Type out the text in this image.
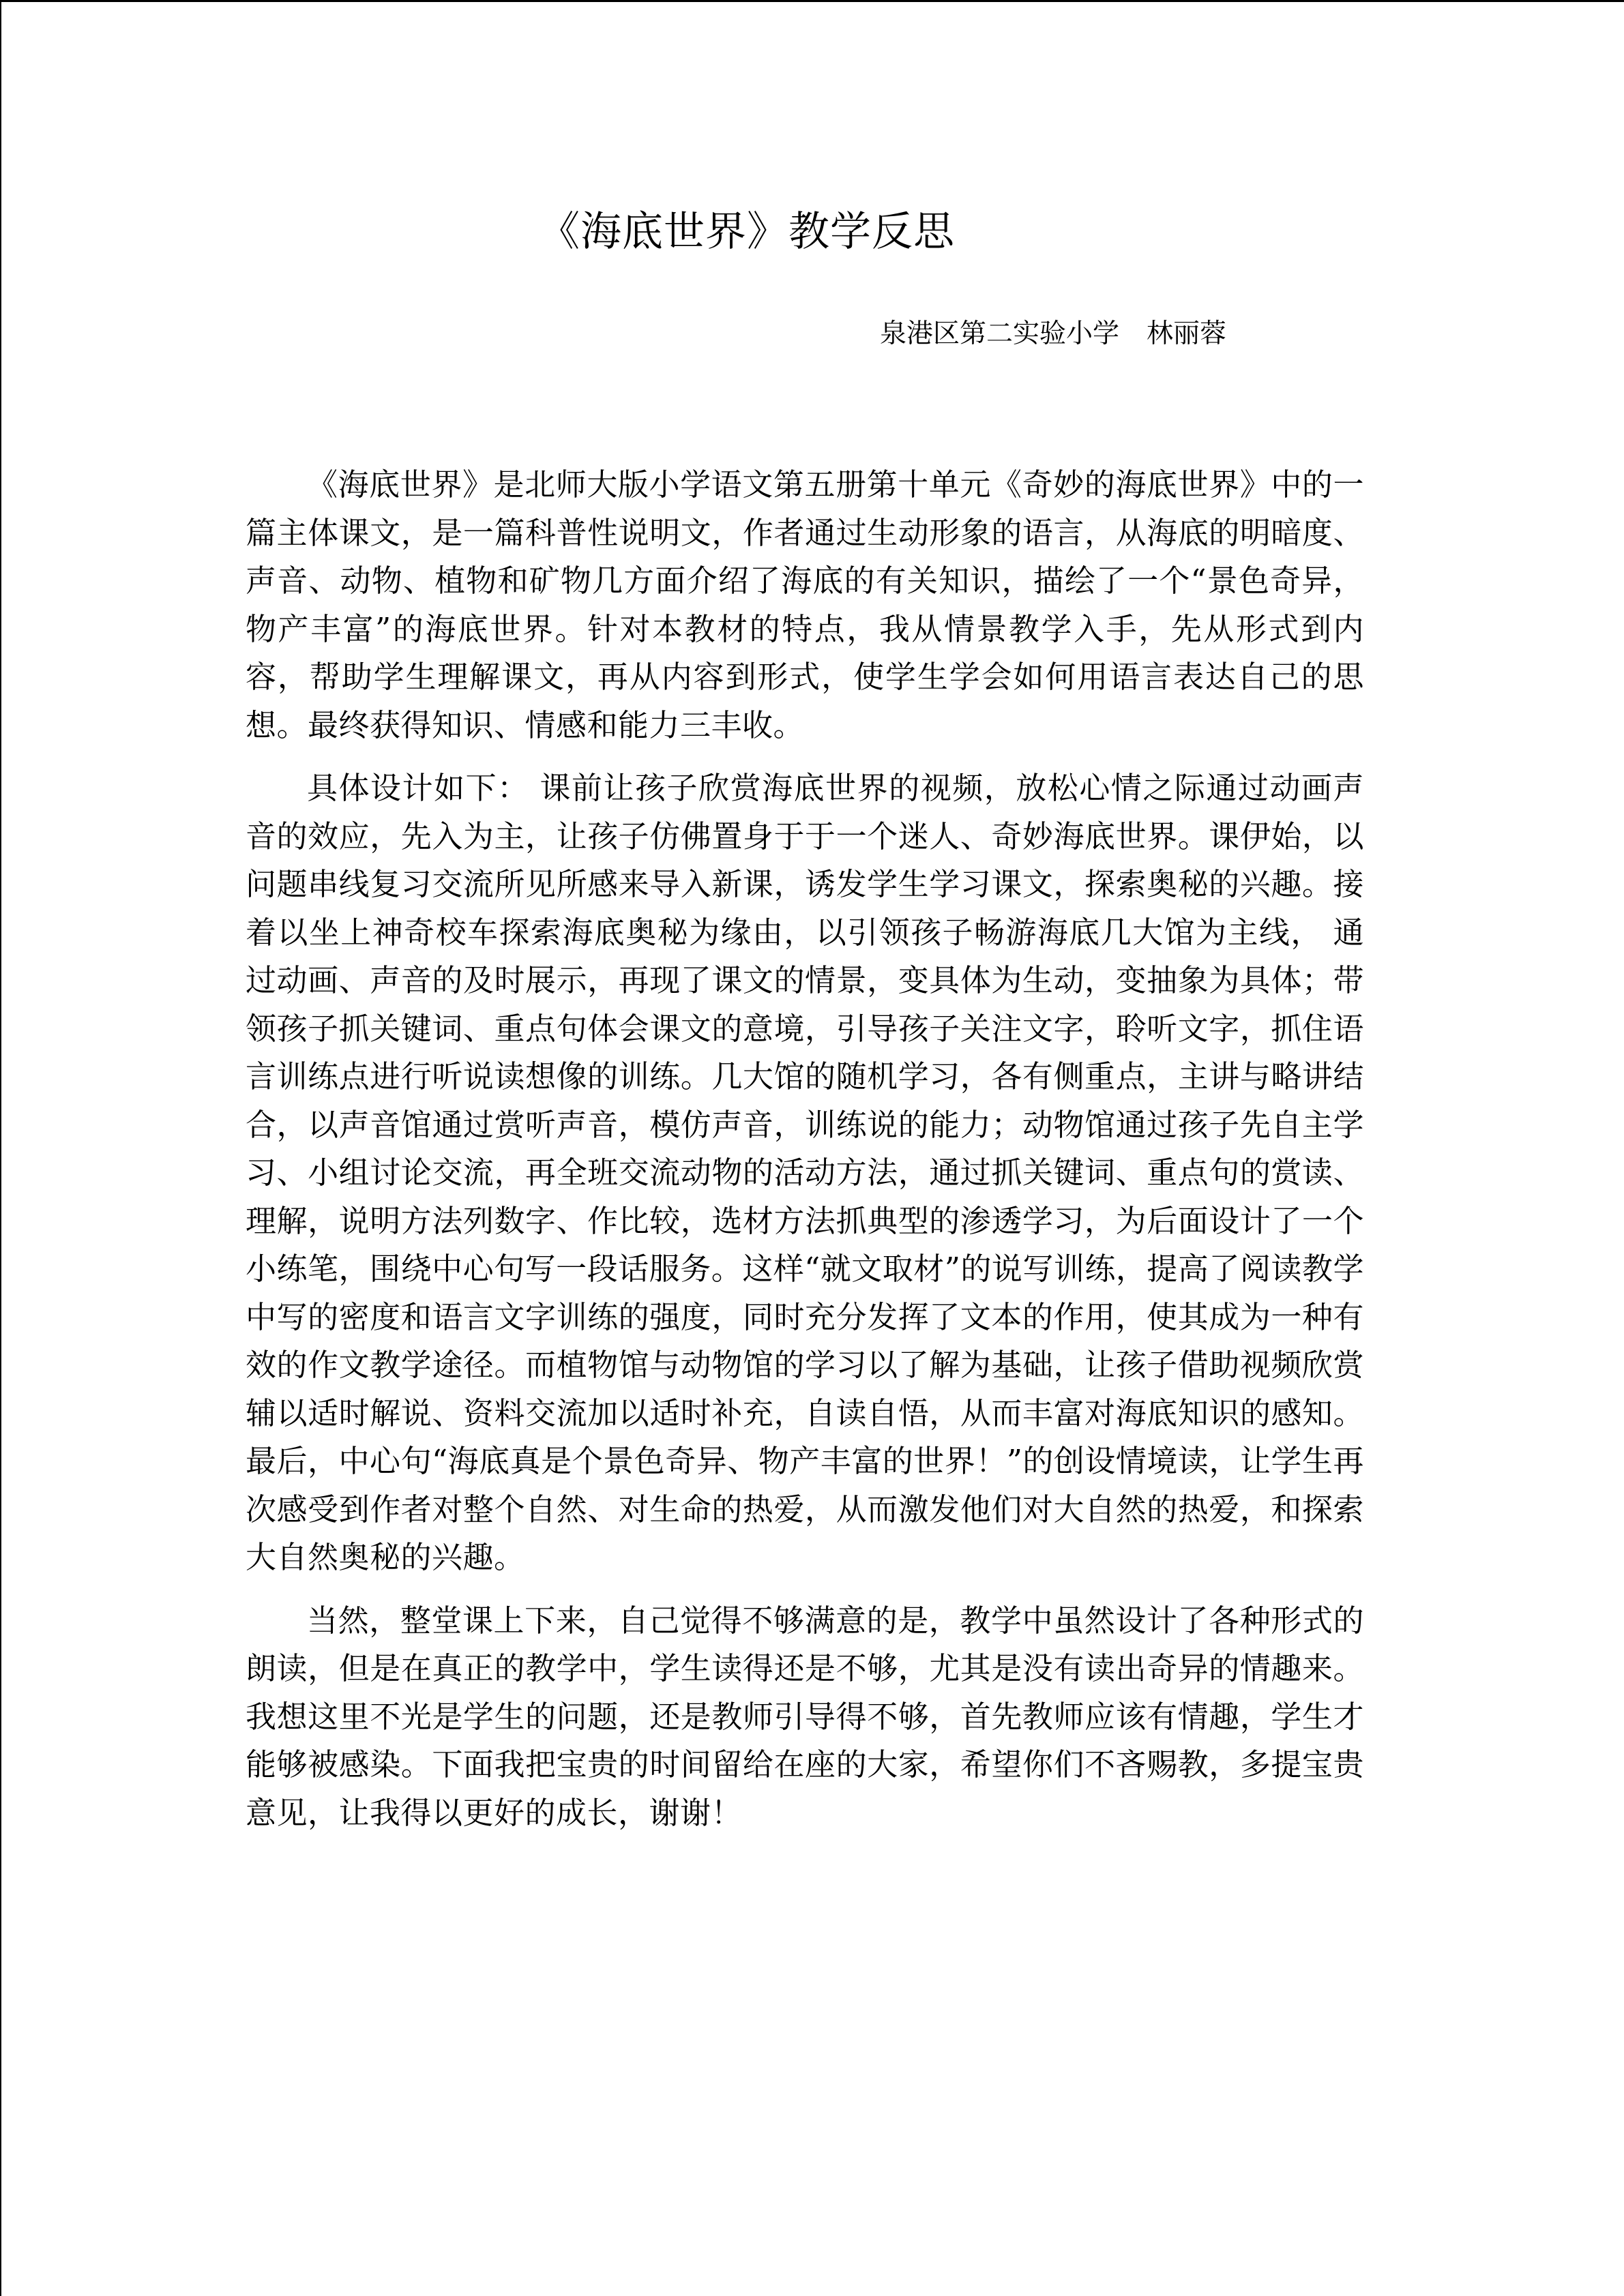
《海底世界》教学反思
泉港区第二实验小学 林丽蓉

《海底世界》是北师大版小学语文第五册第十单元《奇妙的海底世界》中的一篇主体课文，是一篇科普性说明文，作者通过生动形象的语言，从海底的明暗度、声音、动物、植物和矿物几方面介绍了海底的有关知识，描绘了一个“景色奇异，物产丰富”的海底世界。针对本教材的特点，我从情景教学入手，先从形式到内容，帮助学生理解课文，再从内容到形式，使学生学会如何用语言表达自己的思想。最终获得知识、情感和能力三丰收。

具体设计如下： 课前让孩子欣赏海底世界的视频，放松心情之际通过动画声音的效应，先入为主，让孩子仿佛置身于于一个迷人、奇妙海底世界。课伊始，以问题串线复习交流所见所感来导入新课，诱发学生学习课文，探索奥秘的兴趣。接着以坐上神奇校车探索海底奥秘为缘由，以引领孩子畅游海底几大馆为主线， 通过动画、声音的及时展示，再现了课文的情景，变具体为生动，变抽象为具体；带领孩子抓关键词、重点句体会课文的意境，引导孩子关注文字，聆听文字，抓住语言训练点进行听说读想像的训练。几大馆的随机学习，各有侧重点，主讲与略讲结合，以声音馆通过赏听声音，模仿声音，训练说的能力；动物馆通过孩子先自主学习、小组讨论交流，再全班交流动物的活动方法，通过抓关键词、重点句的赏读、理解，说明方法列数字、作比较，选材方法抓典型的渗透学习，为后面设计了一个小练笔，围绕中心句写一段话服务。这样“就文取材”的说写训练，提高了阅读教学中写的密度和语言文字训练的强度，同时充分发挥了文本的作用，使其成为一种有效的作文教学途径。而植物馆与动物馆的学习以了解为基础，让孩子借助视频欣赏辅以适时解说、资料交流加以适时补充，自读自悟，从而丰富对海底知识的感知。最后，中心句“海底真是个景色奇异、物产丰富的世界！”的创设情境读，让学生再次感受到作者对整个自然、对生命的热爱，从而激发他们对大自然的热爱，和探索大自然奥秘的兴趣。

当然，整堂课上下来，自己觉得不够满意的是，教学中虽然设计了各种形式的朗读，但是在真正的教学中，学生读得还是不够，尤其是没有读出奇异的情趣来。我想这里不光是学生的问题，还是教师引导得不够，首先教师应该有情趣，学生才能够被感染。下面我把宝贵的时间留给在座的大家，希望你们不吝赐教，多提宝贵意见，让我得以更好的成长，谢谢！
